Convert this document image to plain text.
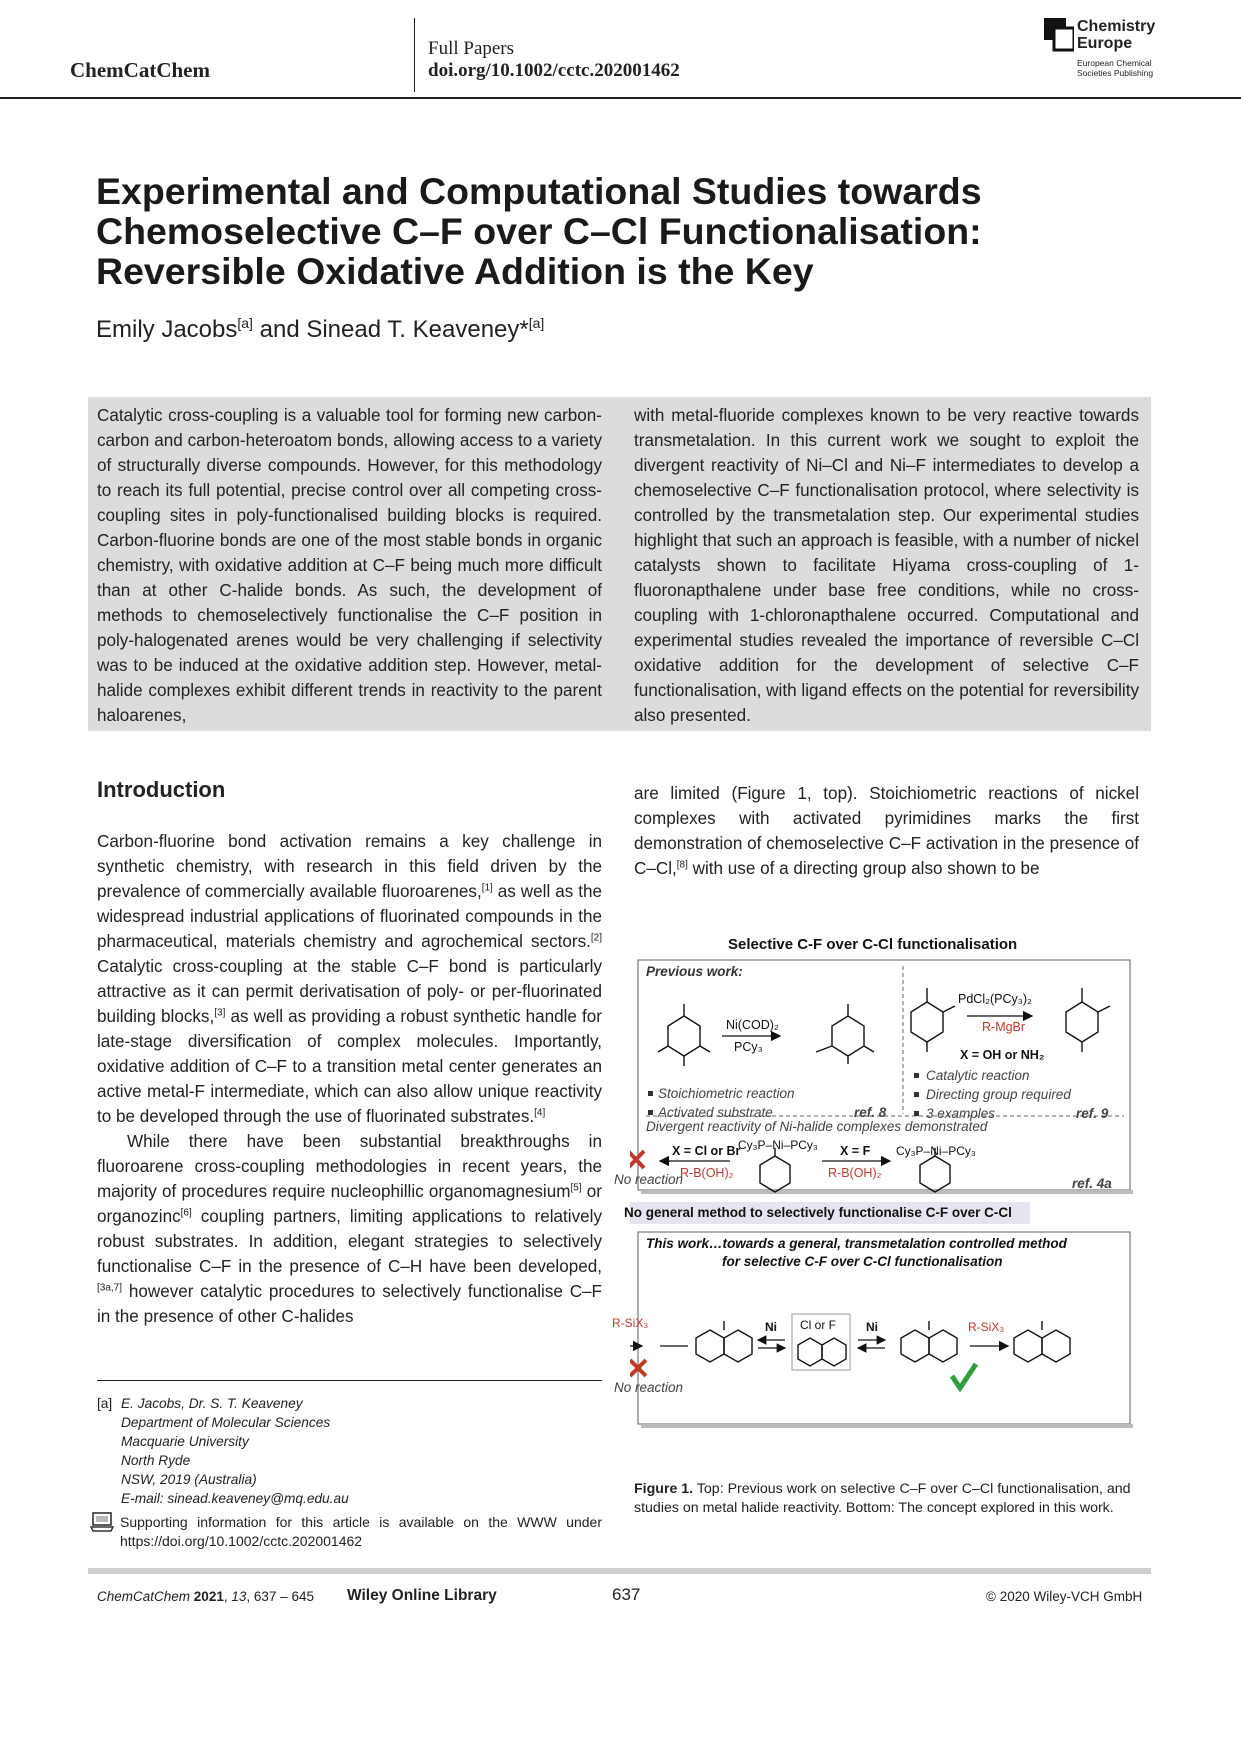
ChemCatChem
Full Papers
doi.org/10.1002/cctc.202001462
Chemistry Europe
European Chemical Societies Publishing
Experimental and Computational Studies towards Chemoselective C–F over C–Cl Functionalisation: Reversible Oxidative Addition is the Key
Emily Jacobs[a] and Sinead T. Keaveney*[a]
Catalytic cross-coupling is a valuable tool for forming new carbon-carbon and carbon-heteroatom bonds, allowing access to a variety of structurally diverse compounds. However, for this methodology to reach its full potential, precise control over all competing cross-coupling sites in poly-functionalised building blocks is required. Carbon-fluorine bonds are one of the most stable bonds in organic chemistry, with oxidative addition at C–F being much more difficult than at other C-halide bonds. As such, the development of methods to chemoselectively functionalise the C–F position in poly-halogenated arenes would be very challenging if selectivity was to be induced at the oxidative addition step. However, metal-halide complexes exhibit different trends in reactivity to the parent haloarenes,
with metal-fluoride complexes known to be very reactive towards transmetalation. In this current work we sought to exploit the divergent reactivity of Ni–Cl and Ni–F intermediates to develop a chemoselective C–F functionalisation protocol, where selectivity is controlled by the transmetalation step. Our experimental studies highlight that such an approach is feasible, with a number of nickel catalysts shown to facilitate Hiyama cross-coupling of 1-fluoronapthalene under base free conditions, while no cross-coupling with 1-chloronapthalene occurred. Computational and experimental studies revealed the importance of reversible C–Cl oxidative addition for the development of selective C–F functionalisation, with ligand effects on the potential for reversibility also presented.
Introduction

Carbon-fluorine bond activation remains a key challenge in synthetic chemistry, with research in this field driven by the prevalence of commercially available fluoroarenes,[1] as well as the widespread industrial applications of fluorinated compounds in the pharmaceutical, materials chemistry and agrochemical sectors.[2] Catalytic cross-coupling at the stable C–F bond is particularly attractive as it can permit derivatisation of poly- or per-fluorinated building blocks,[3] as well as providing a robust synthetic handle for late-stage diversification of complex molecules. Importantly, oxidative addition of C–F to a transition metal center generates an active metal-F intermediate, which can also allow unique reactivity to be developed through the use of fluorinated substrates.[4]

While there have been substantial breakthroughs in fluoroarene cross-coupling methodologies in recent years, the majority of procedures require nucleophillic organomagnesium[5] or organozinc[6] coupling partners, limiting applications to relatively robust substrates. In addition, elegant strategies to selectively functionalise C–F in the presence of C–H have been developed,[3a,7] however catalytic procedures to selectively functionalise C–F in the presence of other C-halides

are limited (Figure 1, top). Stoichiometric reactions of nickel complexes with activated pyrimidines marks the first demonstration of chemoselective C–F activation in the presence of C–Cl,[8] with use of a directing group also shown to be

[a] E. Jacobs, Dr. S. T. Keaveney
Department of Molecular Sciences
Macquarie University
North Ryde
NSW, 2019 (Australia)
E-mail: sinead.keaveney@mq.edu.au
Supporting information for this article is available on the WWW under https://doi.org/10.1002/cctc.202001462
Selective C-F over C-Cl functionalisation
Previous work:
Ni(COD)₂
PCy₃
PdCl₂(PCy₃)₂
R-MgBr
X = OH or NH₂
Stoichiometric reaction
Activated substrate	ref. 8
Catalytic reaction
Directing group required
3 examples	ref. 9
Divergent reactivity of Ni-halide complexes demonstrated
X = Cl or Br
R-B(OH)₂
Cy₃P–Ni–PCy₃ X = F
R-B(OH)₂
Cy₃P–Ni–PCy₃
No reaction	ref. 4a
No general method to selectively functionalise C-F over C-Cl
This work…towards a general, transmetalation controlled method
for selective C-F over C-Cl functionalisation
R-SiX₃	Ni Cl or F	Ni	R-SiX₃
No reaction
Figure 1. Top: Previous work on selective C–F over C–Cl functionalisation, and studies on metal halide reactivity. Bottom: The concept explored in this work.
ChemCatChem 2021, 13, 637 – 645 Wiley Online Library	637	© 2020 Wiley-VCH GmbH
